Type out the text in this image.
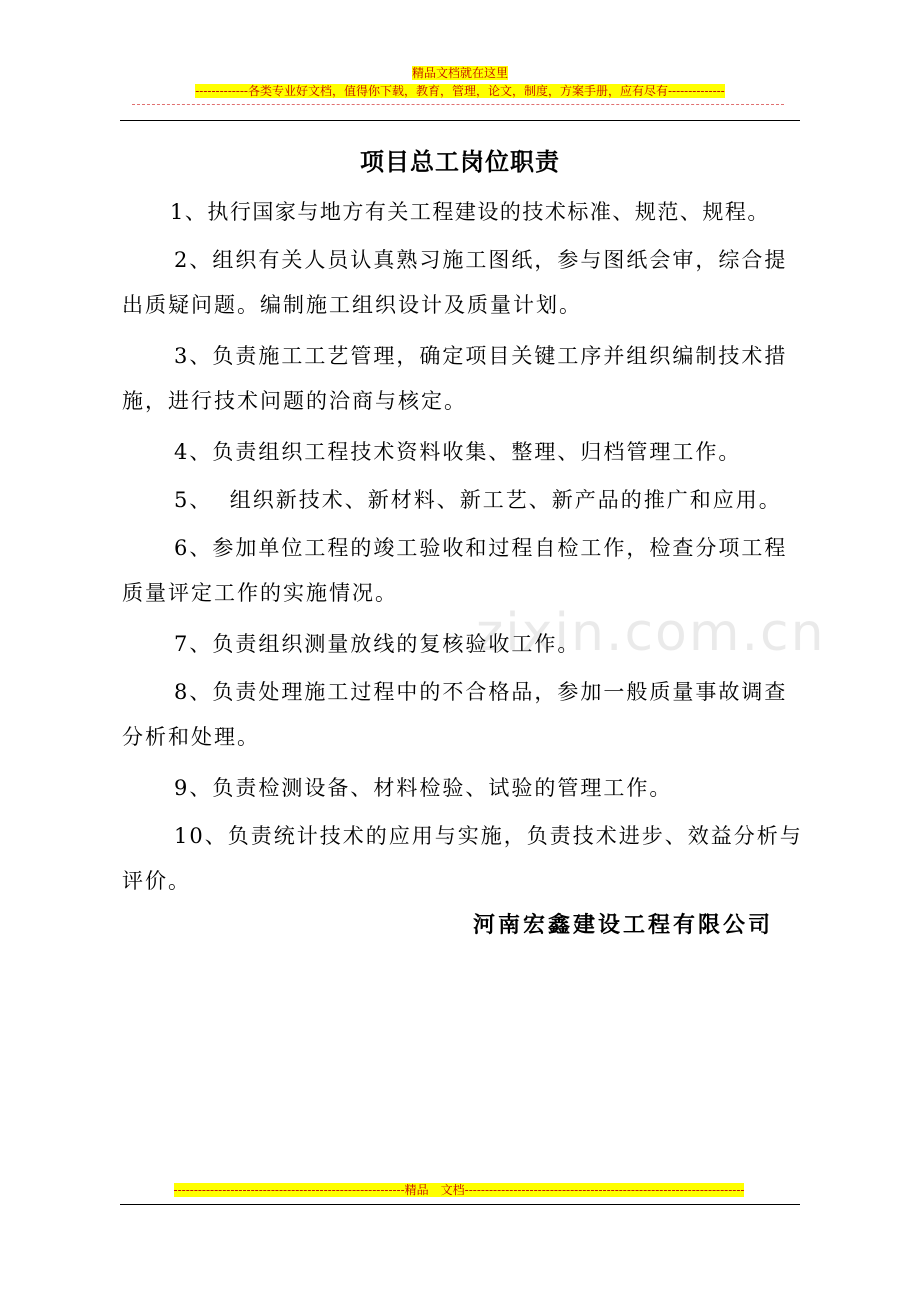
精品文档就在这里
-------------各类专业好文档，值得你下载，教育，管理，论文，制度，方案手册，应有尽有--------------
项目总工岗位职责

1、执行国家与地方有关工程建设的技术标准、规范、规程。

2、组织有关人员认真熟习施工图纸，参与图纸会审，综合提出质疑问题。编制施工组织设计及质量计划。

3、负责施工工艺管理，确定项目关键工序并组织编制技术措施，进行技术问题的洽商与核定。

4、负责组织工程技术资料收集、整理、归档管理工作。

5、  组织新技术、新材料、新工艺、新产品的推广和应用。

6、参加单位工程的竣工验收和过程自检工作，检查分项工程质量评定工作的实施情况。

7、负责组织测量放线的复核验收工作。

8、负责处理施工过程中的不合格品，参加一般质量事故调查分析和处理。

9、负责检测设备、材料检验、试验的管理工作。

10、负责统计技术的应用与实施，负责技术进步、效益分析与评价。

zixin.com.cn
河南宏鑫建设工程有限公司
---------------------------------------------------------精品　文档---------------------------------------------------------------------
